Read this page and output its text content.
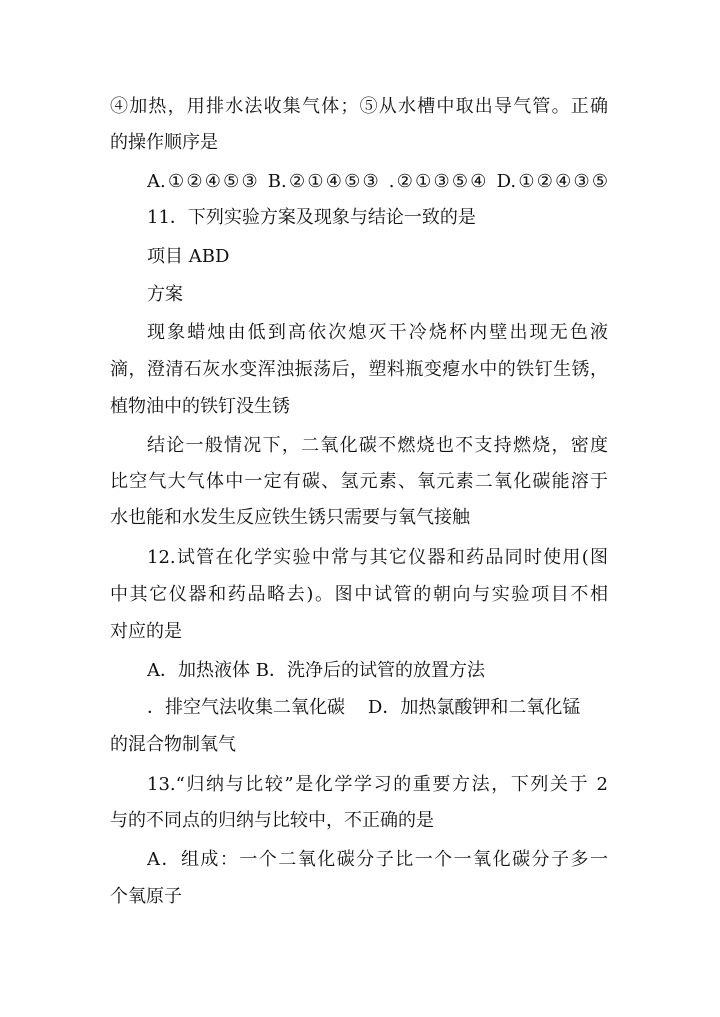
④加热，用排水法收集气体；⑤从水槽中取出导气管。正确
的操作顺序是
A.①②④⑤③ B.②①④⑤③ .②①③⑤④ D.①②④③⑤
11．下列实验方案及现象与结论一致的是
项目 ABD
方案
现象蜡烛由低到高依次熄灭干冷烧杯内壁出现无色液
滴，澄清石灰水变浑浊振荡后，塑料瓶变瘪水中的铁钉生锈，
植物油中的铁钉没生锈
结论一般情况下，二氧化碳不燃烧也不支持燃烧，密度
比空气大气体中一定有碳、氢元素、氧元素二氧化碳能溶于
水也能和水发生反应铁生锈只需要与氧气接触
12.试管在化学实验中常与其它仪器和药品同时使用(图
中其它仪器和药品略去)。图中试管的朝向与实验项目不相
对应的是
A．加热液体 B．洗净后的试管的放置方法
．排空气法收集二氧化碳    D．加热氯酸钾和二氧化锰
的混合物制氧气
13.“归纳与比较”是化学学习的重要方法，下列关于 2
与的不同点的归纳与比较中，不正确的是
A．组成：一个二氧化碳分子比一个一氧化碳分子多一
个氧原子
